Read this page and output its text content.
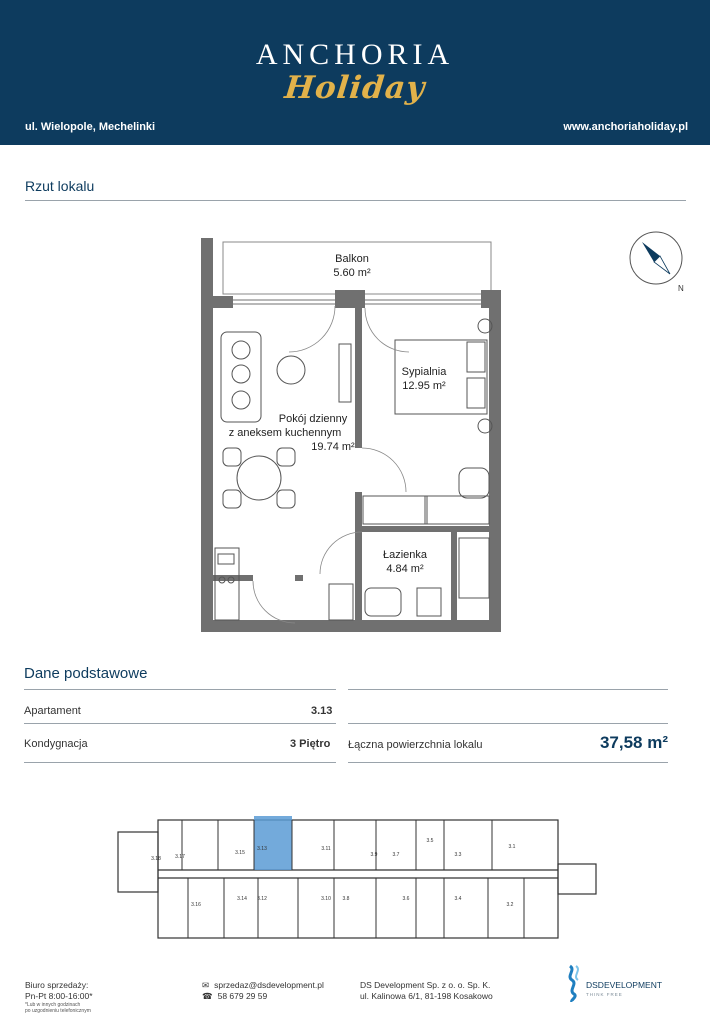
ANCHORIA
Holiday
ul. Wielopole, Mechelinki	www.anchoriaholiday.pl
Rzut lokalu
Balkon
5.60 m²
Sypialnia
12.95 m²
Pokój dzienny
z aneksem kuchennym
19.74 m²
Łazienka
4.84 m²
N
Dane podstawowe
Apartament	3.13
Kondygnacja	3 Piętro Łączna powierzchnia lokalu	37,58 m²
3.17
3.15
3.13	3.11
3.9	3.7
3.5
3.3
3.1
3.16
3.14 3.12	3.10 3.8	3.6	3.4
3.2
3.18
Biuro sprzedaży:
Pn-Pt 8:00-16:00*
*Lub w innych godzinach
po uzgodnieniu telefonicznym
✉ sprzedaz@dsdevelopment.pl
☎ 58 679 29 59
DS Development Sp. z o. o. Sp. K.
ul. Kalinowa 6/1, 81-198 Kosakowo
DSDEVELOPMENT
THINK FREE
